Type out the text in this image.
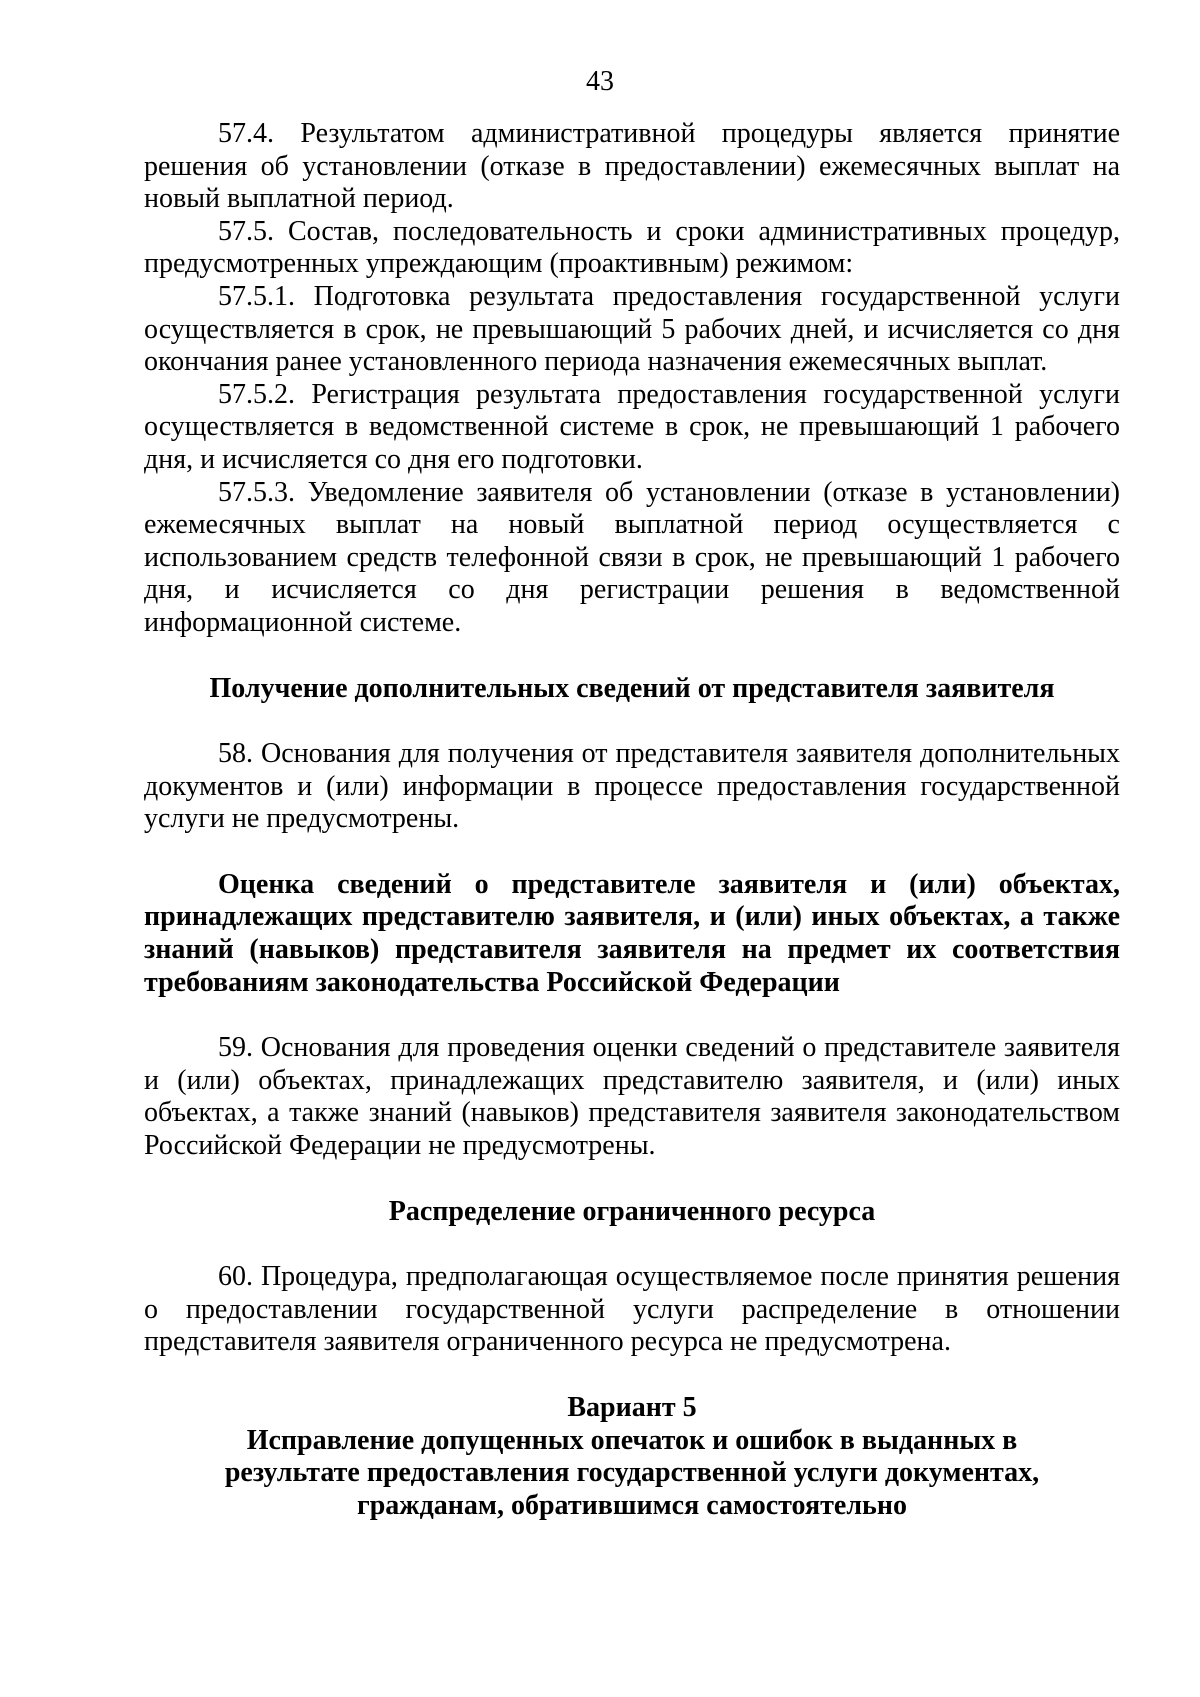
43

57.4. Результатом административной процедуры является принятие решения об установлении (отказе в предоставлении) ежемесячных выплат на новый выплатной период.

57.5. Состав, последовательность и сроки административных процедур, предусмотренных упреждающим (проактивным) режимом:

57.5.1. Подготовка результата предоставления государственной услуги осуществляется в срок, не превышающий 5 рабочих дней, и исчисляется со дня окончания ранее установленного периода назначения ежемесячных выплат.

57.5.2. Регистрация результата предоставления государственной услуги осуществляется в ведомственной системе в срок, не превышающий 1 рабочего дня, и исчисляется со дня его подготовки.

57.5.3. Уведомление заявителя об установлении (отказе в установлении) ежемесячных выплат на новый выплатной период осуществляется с использованием средств телефонной связи в срок, не превышающий 1 рабочего дня, и исчисляется со дня регистрации решения в ведомственной информационной системе.

Получение дополнительных сведений от представителя заявителя

58. Основания для получения от представителя заявителя дополнительных документов и (или) информации в процессе предоставления государственной услуги не предусмотрены.

Оценка сведений о представителе заявителя и (или) объектах, принадлежащих представителю заявителя, и (или) иных объектах, а также знаний (навыков) представителя заявителя на предмет их соответствия требованиям законодательства Российской Федерации

59. Основания для проведения оценки сведений о представителе заявителя и (или) объектах, принадлежащих представителю заявителя, и (или) иных объектах, а также знаний (навыков) представителя заявителя законодательством Российской Федерации не предусмотрены.

Распределение ограниченного ресурса

60. Процедура, предполагающая осуществляемое после принятия решения о предоставлении государственной услуги распределение в отношении представителя заявителя ограниченного ресурса не предусмотрена.

Вариант 5

Исправление допущенных опечаток и ошибок в выданных в

результате предоставления государственной услуги документах,

гражданам, обратившимся самостоятельно
